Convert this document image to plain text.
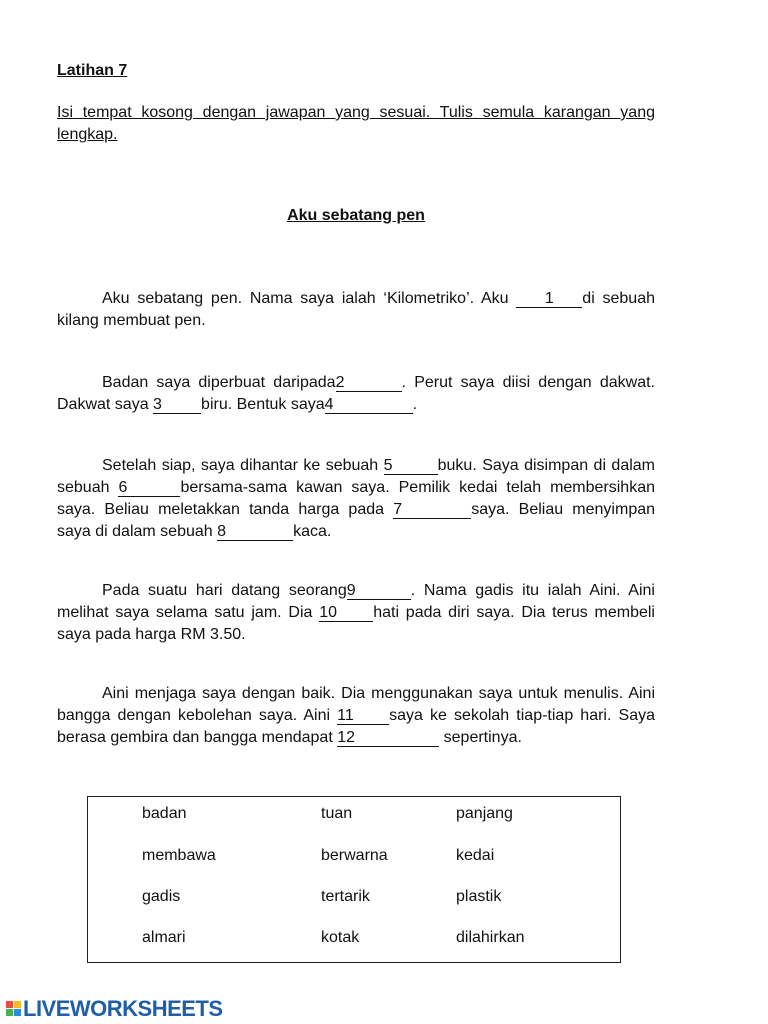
Latihan 7
Isi tempat kosong dengan jawapan yang sesuai. Tulis semula karangan yang lengkap.
Aku sebatang pen
Aku sebatang pen. Nama saya ialah ‘Kilometriko’. Aku 1 di sebuah kilang membuat pen.
Badan saya diperbuat daripada2	. Perut saya diisi dengan dakwat. Dakwat saya 3 biru. Bentuk saya4	.
Setelah siap, saya dihantar ke sebuah 5	buku. Saya disimpan di dalam sebuah 6	bersama-sama kawan saya. Pemilik kedai telah membersihkan saya. Beliau meletakkan tanda harga pada 7	saya. Beliau menyimpan saya di dalam sebuah 8	kaca.
Pada suatu hari datang seorang9	. Nama gadis itu ialah Aini. Aini melihat saya selama satu jam. Dia 10 hati pada diri saya. Dia terus membeli saya pada harga RM 3.50.
Aini menjaga saya dengan baik. Dia menggunakan saya untuk menulis. Aini bangga dengan kebolehan saya. Aini 11 saya ke sekolah tiap-tiap hari. Saya berasa gembira dan bangga mendapat 12	sepertinya.
badan	tuan	panjang
membawa	berwarna	kedai
gadis	tertarik	plastik
almari	kotak	dilahirkan
LIVEWORKSHEETS
